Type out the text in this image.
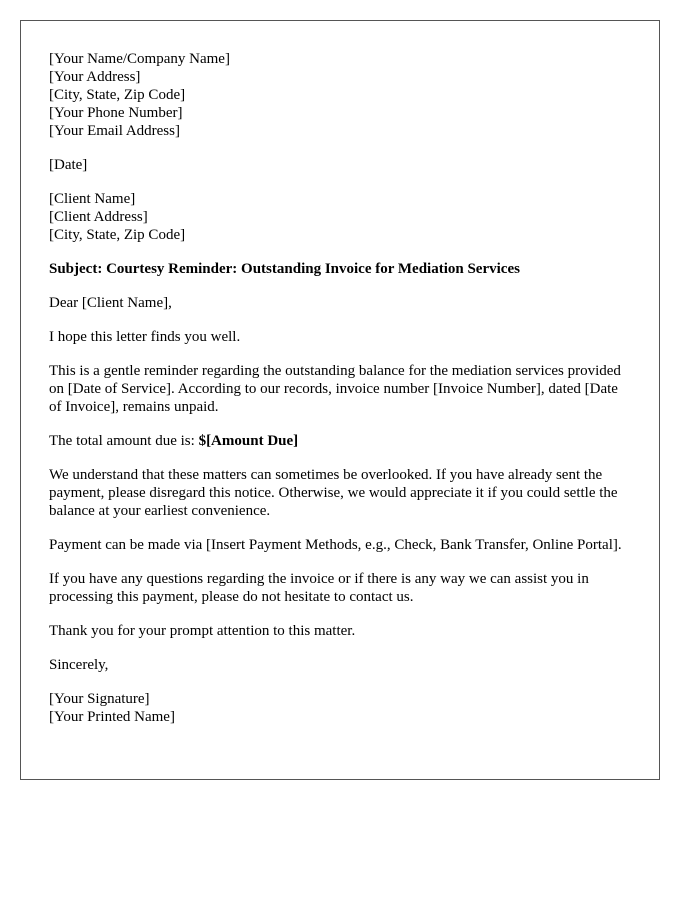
[Your Name/Company Name]
[Your Address]
[City, State, Zip Code]
[Your Phone Number]
[Your Email Address]
[Date]
[Client Name]
[Client Address]
[City, State, Zip Code]
Subject: Courtesy Reminder: Outstanding Invoice for Mediation Services
Dear [Client Name],
I hope this letter finds you well.
This is a gentle reminder regarding the outstanding balance for the mediation services provided on [Date of Service]. According to our records, invoice number [Invoice Number], dated [Date of Invoice], remains unpaid.
The total amount due is: $[Amount Due]
We understand that these matters can sometimes be overlooked. If you have already sent the payment, please disregard this notice. Otherwise, we would appreciate it if you could settle the balance at your earliest convenience.
Payment can be made via [Insert Payment Methods, e.g., Check, Bank Transfer, Online Portal].
If you have any questions regarding the invoice or if there is any way we can assist you in processing this payment, please do not hesitate to contact us.
Thank you for your prompt attention to this matter.
Sincerely,
[Your Signature]
[Your Printed Name]
